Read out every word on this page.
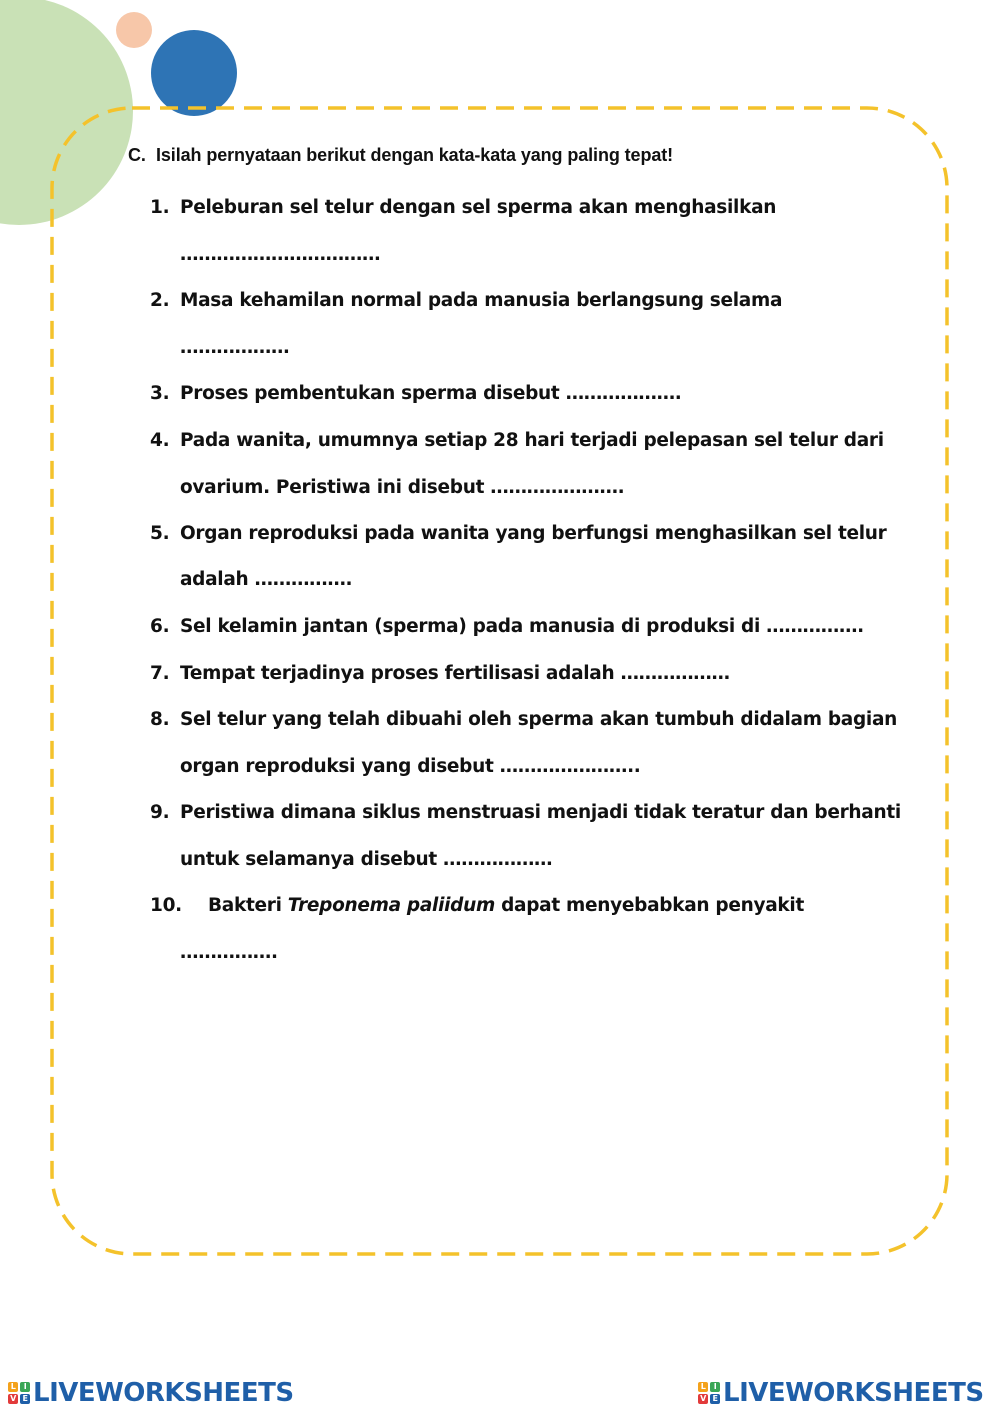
C. Isilah pernyataan berikut dengan kata-kata yang paling tepat!
1. Peleburan sel telur dengan sel sperma akan menghasilkan
……………………………
2. Masa kehamilan normal pada manusia berlangsung selama
………………
3. Proses pembentukan sperma disebut ……………….
4. Pada wanita, umumnya setiap 28 hari terjadi pelepasan sel telur dari
ovarium. Peristiwa ini disebut ………………….
5. Organ reproduksi pada wanita yang berfungsi menghasilkan sel telur
adalah …………….
6. Sel kelamin jantan (sperma) pada manusia di produksi di …………….
7. Tempat terjadinya proses fertilisasi adalah ………………
8. Sel telur yang telah dibuahi oleh sperma akan tumbuh didalam bagian
organ reproduksi yang disebut …………………..
9. Peristiwa dimana siklus menstruasi menjadi tidak teratur dan berhanti
untuk selamanya disebut ………………
10. Bakteri Treponema paliidum dapat menyebabkan penyakit
…………….
L	I
V E LIVEWORKSHEETS	L	I
V E LIVEWORKSHEETS
